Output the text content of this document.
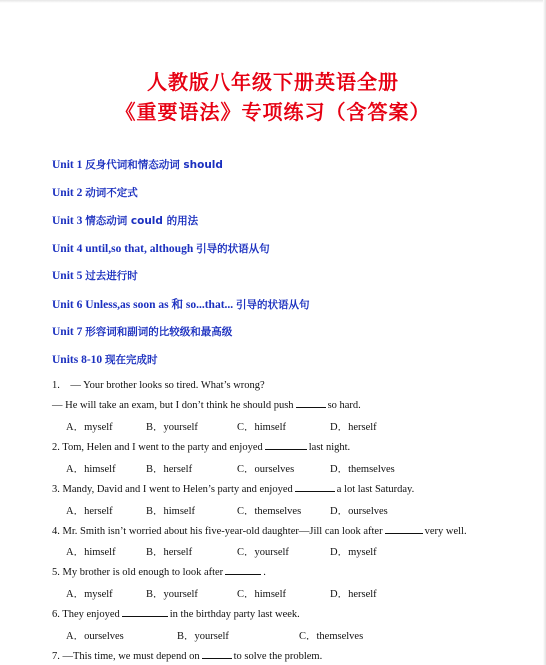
人教版八年级下册英语全册
《重要语法》专项练习（含答案）
Unit 1 反身代词和情态动词 should
Unit 2 动词不定式
Unit 3 情态动词 could 的用法
Unit 4 until,so that, although 引导的状语从句
Unit 5 过去进行时
Unit 6 Unless,as soon as 和 so...that... 引导的状语从句
Unit 7 形容词和副词的比较级和最高级
Units 8-10 现在完成时
1.　— Your brother looks so tired. What’s wrong?
— He will take an exam, but I don’t think he should push	so hard.
A．myself	B．yourself	C．himself	D．herself
2. Tom, Helen and I went to the party and enjoyed	last night.
A．himself	B．herself	C．ourselves	D．themselves
3. Mandy, David and I went to Helen’s party and enjoyed	a lot last Saturday.
A．herself	B．himself	C．themselves	D．ourselves
4. Mr. Smith isn’t worried about his five-year-old daughter—Jill can look after	very well.
A．himself	B．herself	C．yourself	D．myself
5. My brother is old enough to look after	.
A．myself	B．yourself	C．himself	D．herself
6. They enjoyed	in the birthday party last week.
A．ourselves	B．yourself	C．themselves
7. —This time, we must depend on	to solve the problem.
